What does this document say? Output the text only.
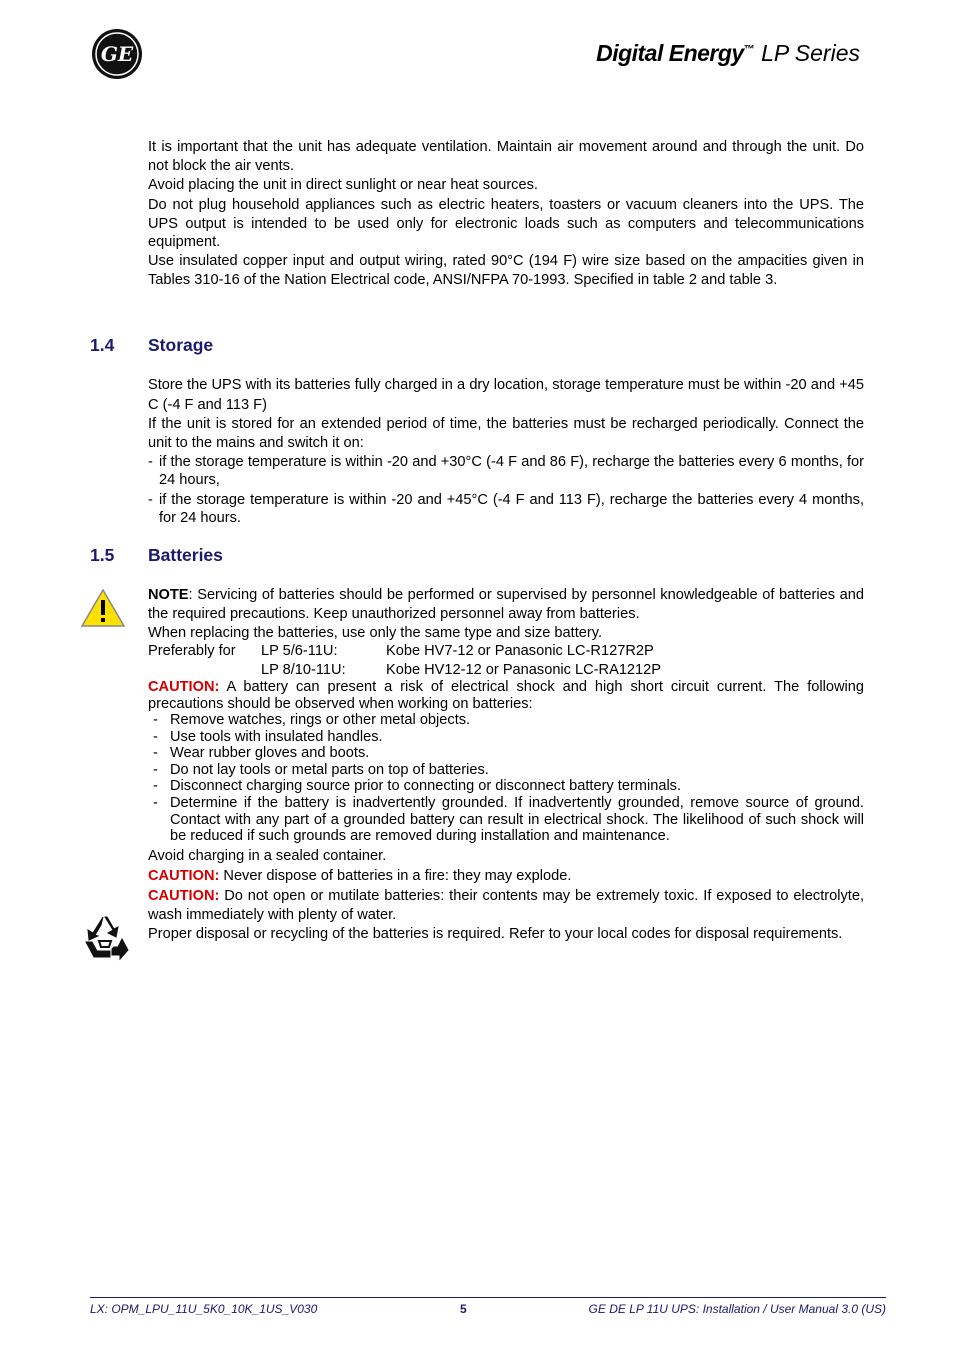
GE	Digital Energy™ LP Series
It is important that the unit has adequate ventilation. Maintain air movement around and through the unit. Do not block the air vents.
Avoid placing the unit in direct sunlight or near heat sources.
Do not plug household appliances such as electric heaters, toasters or vacuum cleaners into the UPS. The UPS output is intended to be used only for electronic loads such as computers and telecommunications equipment.
Use insulated copper input and output wiring, rated 90°C (194 F) wire size based on the ampacities given in Tables 310-16 of the Nation Electrical code, ANSI/NFPA 70-1993. Specified in table 2 and table 3.
1.4 Storage
Store the UPS with its batteries fully charged in a dry location, storage temperature must be within -20 and +45 C (-4 F and 113 F)
If the unit is stored for an extended period of time, the batteries must be recharged periodically. Connect the unit to the mains and switch it on:
- if the storage temperature is within -20 and +30°C (-4 F and 86 F), recharge the batteries every 6 months, for 24 hours,
- if the storage temperature is within -20 and +45°C (-4 F and 113 F), recharge the batteries every 4 months, for 24 hours.
1.5 Batteries
NOTE: Servicing of batteries should be performed or supervised by personnel knowledgeable of batteries and the required precautions. Keep unauthorized personnel away from batteries.
When replacing the batteries, use only the same type and size battery.
Preferably for LP 5/6-11U:	Kobe HV7-12 or Panasonic LC-R127R2P
LP 8/10-11U:	Kobe HV12-12 or Panasonic LC-RA1212P
CAUTION: A battery can present a risk of electrical shock and high short circuit current. The following precautions should be observed when working on batteries:
- Remove watches, rings or other metal objects.
- Use tools with insulated handles.
- Wear rubber gloves and boots.
- Do not lay tools or metal parts on top of batteries.
- Disconnect charging source prior to connecting or disconnect battery terminals.
- Determine if the battery is inadvertently grounded. If inadvertently grounded, remove source of ground. Contact with any part of a grounded battery can result in electrical shock. The likelihood of such shock will be reduced if such grounds are removed during installation and maintenance.
Avoid charging in a sealed container.
CAUTION: Never dispose of batteries in a fire: they may explode.
CAUTION: Do not open or mutilate batteries: their contents may be extremely toxic. If exposed to electrolyte, wash immediately with plenty of water.
Proper disposal or recycling of the batteries is required. Refer to your local codes for disposal requirements.
LX: OPM_LPU_11U_5K0_10K_1US_V030	5	GE DE LP 11U UPS: Installation / User Manual 3.0 (US)
